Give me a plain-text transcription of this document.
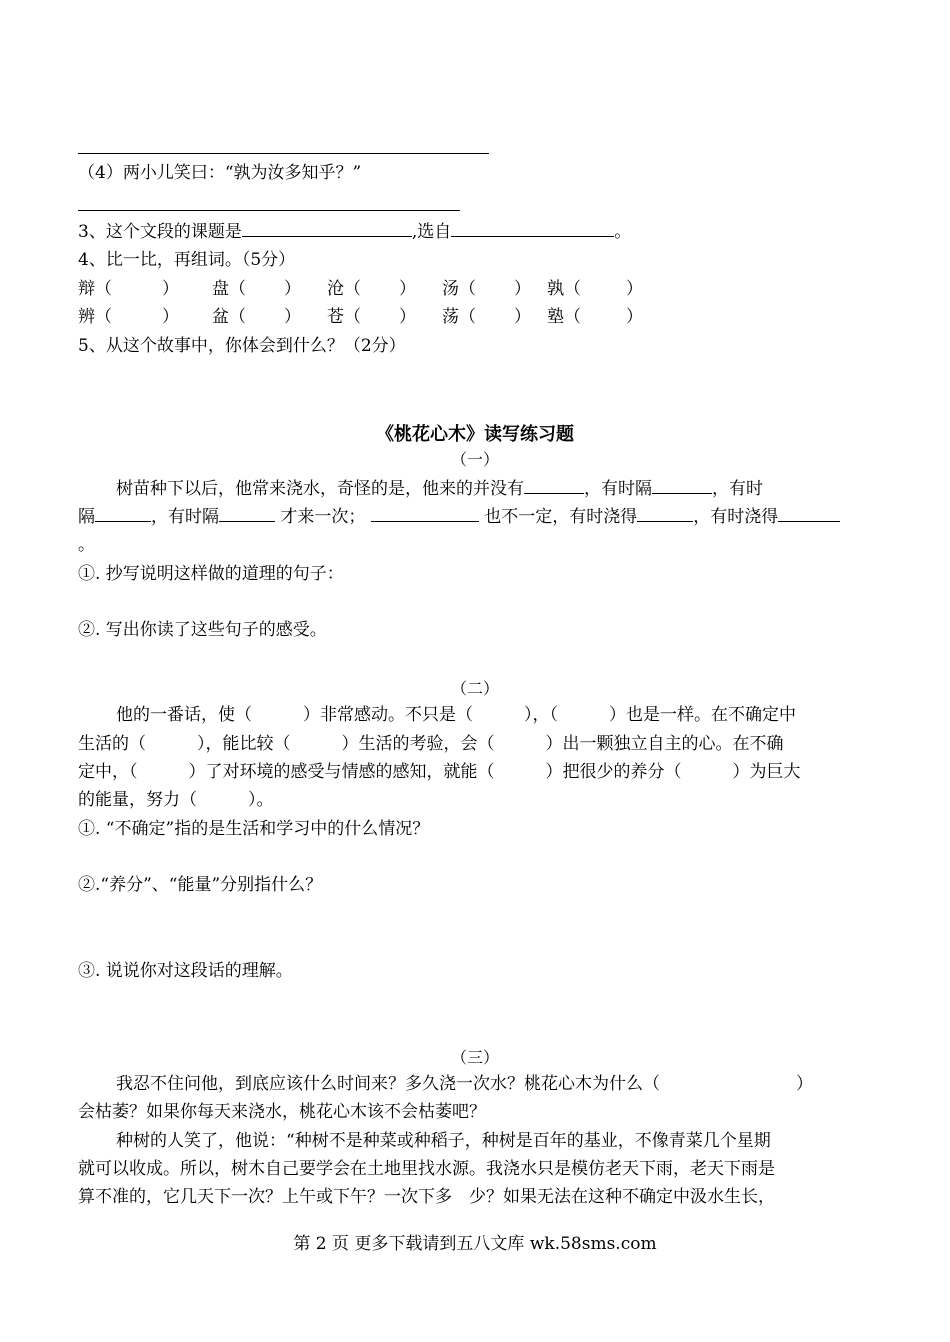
（4）两小儿笑曰：“孰为汝多知乎？”
3、这个文段的课题是	,选自	。
4、比一比，再组词。（5分）
辩（	） 盘（ ） 沧（ ） 汤（ ） 孰（	）
辨（	） 盆（ ） 苍（ ） 荡（ ） 塾（	）
5、从这个故事中，你体会到什么？（2分）
《桃花心木》读写练习题
（一）
树苗种下以后，他常来浇水，奇怪的是，他来的并没有	，有时隔	，有时
隔	，有时隔	才来一次；	也不一定，有时浇得	，有时浇得
。
①. 抄写说明这样做的道理的句子：
②. 写出你读了这些句子的感受。
（二）
他的一番话，使（　　　）非常感动。不只是（　　　），（　　　）也是一样。在不确定中
生活的（　　　），能比较（　　　）生活的考验，会（　　　）出一颗独立自主的心。在不确
定中，（　　　）了对环境的感受与情感的感知，就能（　　　）把很少的养分（　　　）为巨大
的能量，努力（　　　）。
①. “不确定”指的是生活和学习中的什么情况？
②.“养分”、“能量”分别指什么？
③. 说说你对这段话的理解。
（三）
我忍不住问他，到底应该什么时间来？多久浇一次水？桃花心木为什么（　　　　　　　　）
会枯萎？如果你每天来浇水，桃花心木该不会枯萎吧？
种树的人笑了，他说：“种树不是种菜或种稻子，种树是百年的基业，不像青菜几个星期
就可以收成。所以，树木自己要学会在土地里找水源。我浇水只是模仿老天下雨，老天下雨是
算不准的，它几天下一次？上午或下午？一次下多　少？如果无法在这种不确定中汲水生长，
第 2 页 更多下载请到五八文库 wk.58sms.com
